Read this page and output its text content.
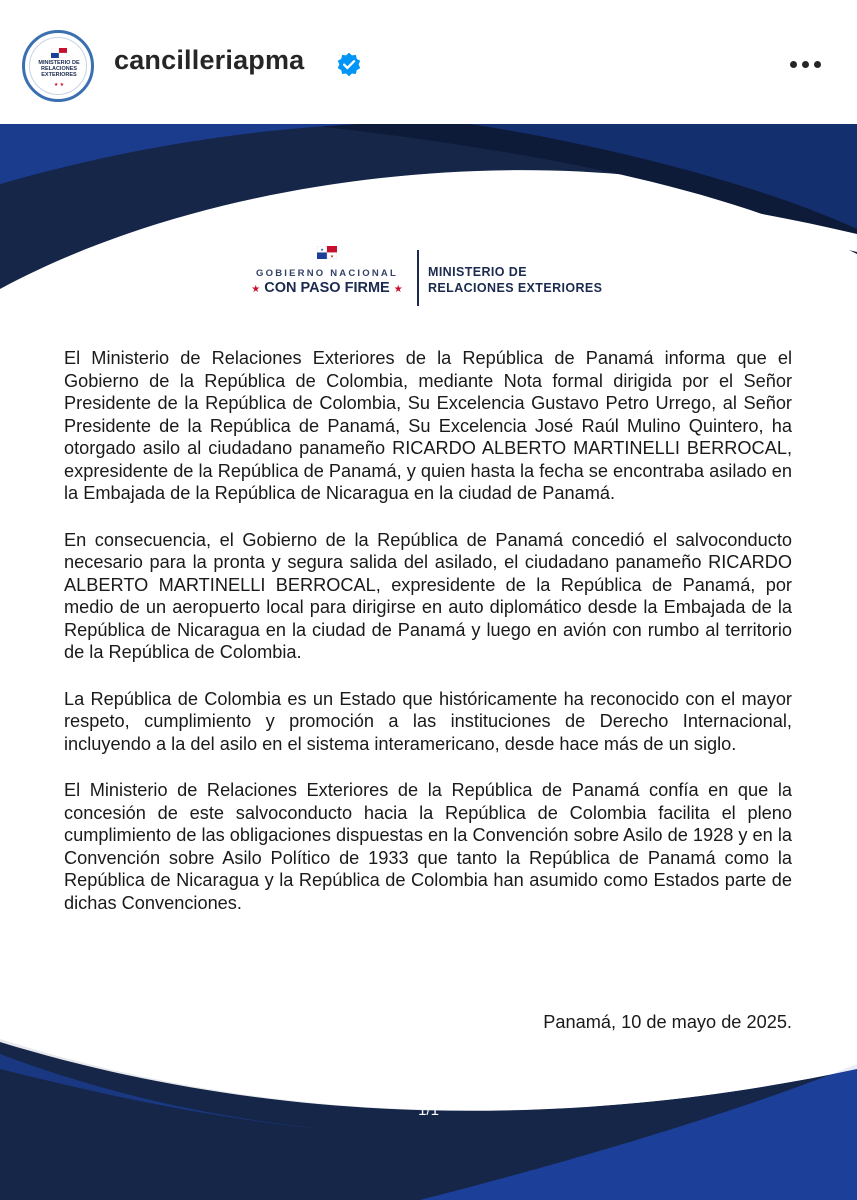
MINISTERIO DE
RELACIONES
EXTERIORES
★ ★
cancilleriapma
★
★
GOBIERNO NACIONAL
★ CON PASO FIRME ★
MINISTERIO DE
RELACIONES EXTERIORES

El Ministerio de Relaciones Exteriores de la República de Panamá informa que el Gobierno de la República de Colombia, mediante Nota formal dirigida por el Señor Presidente de la República de Colombia, Su Excelencia Gustavo Petro Urrego, al Señor Presidente de la República de Panamá, Su Excelencia José Raúl Mulino Quintero, ha otorgado asilo al ciudadano panameño RICARDO ALBERTO MARTINELLI BERROCAL, expresidente de la República de Panamá, y quien hasta la fecha se encontraba asilado en la Embajada de la República de Nicaragua en la ciudad de Panamá.

En consecuencia, el Gobierno de la República de Panamá concedió el salvoconducto necesario para la pronta y segura salida del asilado, el ciudadano panameño RICARDO ALBERTO MARTINELLI BERROCAL, expresidente de la República de Panamá, por medio de un aeropuerto local para dirigirse en auto diplomático desde la Embajada de la República de Nicaragua en la ciudad de Panamá y luego en avión con rumbo al territorio de la República de Colombia.

La República de Colombia es un Estado que históricamente ha reconocido con el mayor respeto, cumplimiento y promoción a las instituciones de Derecho Internacional, incluyendo a la del asilo en el sistema interamericano, desde hace más de un siglo.

El Ministerio de Relaciones Exteriores de la República de Panamá confía en que la concesión de este salvoconducto hacia la República de Colombia facilita el pleno cumplimiento de las obligaciones dispuestas en la Convención sobre Asilo de 1928 y en la Convención sobre Asilo Político de 1933 que tanto la República de Panamá como la República de Nicaragua y la República de Colombia han asumido como Estados parte de dichas Convenciones.

Panamá, 10 de mayo de 2025.
1/1
